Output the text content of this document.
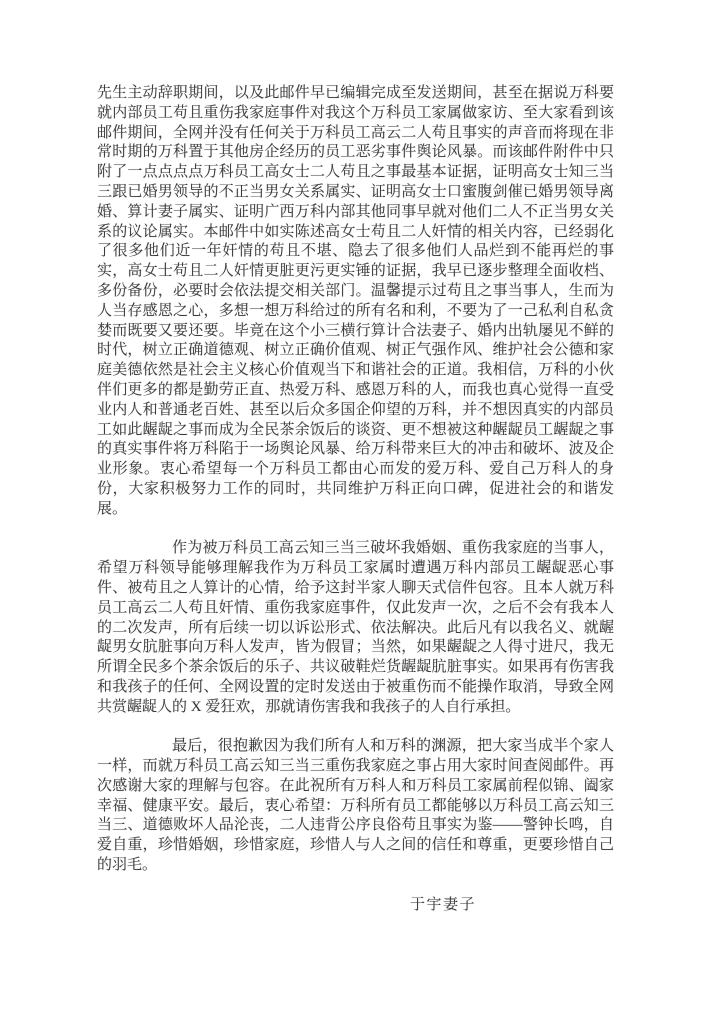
先生主动辞职期间，以及此邮件早已编辑完成至发送期间，甚至在据说万科要就内部员工苟且重伤我家庭事件对我这个万科员工家属做家访、至大家看到该邮件期间，全网并没有任何关于万科员工高云二人苟且事实的声音而将现在非常时期的万科置于其他房企经历的员工恶劣事件舆论风暴。而该邮件附件中只附了一点点点点万科员工高女士二人苟且之事最基本证据，证明高女士知三当三跟已婚男领导的不正当男女关系属实、证明高女士口蜜腹剑催已婚男领导离婚、算计妻子属实、证明广西万科内部其他同事早就对他们二人不正当男女关系的议论属实。本邮件中如实陈述高女士苟且二人奸情的相关内容，已经弱化了很多他们近一年奸情的苟且不堪、隐去了很多他们人品烂到不能再烂的事实，高女士苟且二人奸情更脏更污更实锤的证据，我早已逐步整理全面收档、多份备份，必要时会依法提交相关部门。温馨提示过苟且之事当事人，生而为人当存感恩之心，多想一想万科给过的所有名和利，不要为了一己私利自私贪婪而既要又要还要。毕竟在这个小三横行算计合法妻子、婚内出轨屡见不鲜的时代，树立正确道德观、树立正确价值观、树正气强作风、维护社会公德和家庭美德依然是社会主义核心价值观当下和谐社会的正道。我相信，万科的小伙伴们更多的都是勤劳正直、热爱万科、感恩万科的人，而我也真心觉得一直受业内人和普通老百姓、甚至以后众多国企仰望的万科，并不想因真实的内部员工如此龌龊之事而成为全民茶余饭后的谈资、更不想被这种龌龊员工龌龊之事的真实事件将万科陷于一场舆论风暴、给万科带来巨大的冲击和破坏、波及企业形象。衷心希望每一个万科员工都由心而发的爱万科、爱自己万科人的身份，大家积极努力工作的同时，共同维护万科正向口碑，促进社会的和谐发展。

作为被万科员工高云知三当三破坏我婚姻、重伤我家庭的当事人，希望万科领导能够理解我作为万科员工家属时遭遇万科内部员工龌龊恶心事件、被苟且之人算计的心情，给予这封半家人聊天式信件包容。且本人就万科员工高云二人苟且奸情、重伤我家庭事件，仅此发声一次，之后不会有我本人的二次发声，所有后续一切以诉讼形式、依法解决。此后凡有以我名义、就龌龊男女肮脏事向万科人发声，皆为假冒；当然，如果龌龊之人得寸进尺，我无所谓全民多个茶余饭后的乐子、共议破鞋烂货龌龊肮脏事实。如果再有伤害我和我孩子的任何、全网设置的定时发送由于被重伤而不能操作取消，导致全网共赏龌龊人的 X 爱狂欢，那就请伤害我和我孩子的人自行承担。

最后，很抱歉因为我们所有人和万科的渊源，把大家当成半个家人一样，而就万科员工高云知三当三重伤我家庭之事占用大家时间查阅邮件。再次感谢大家的理解与包容。在此祝所有万科人和万科员工家属前程似锦、阖家幸福、健康平安。最后，衷心希望：万科所有员工都能够以万科员工高云知三当三、道德败坏人品沦丧，二人违背公序良俗苟且事实为鉴——警钟长鸣，自爱自重，珍惜婚姻，珍惜家庭，珍惜人与人之间的信任和尊重，更要珍惜自己的羽毛。

于宇妻子
